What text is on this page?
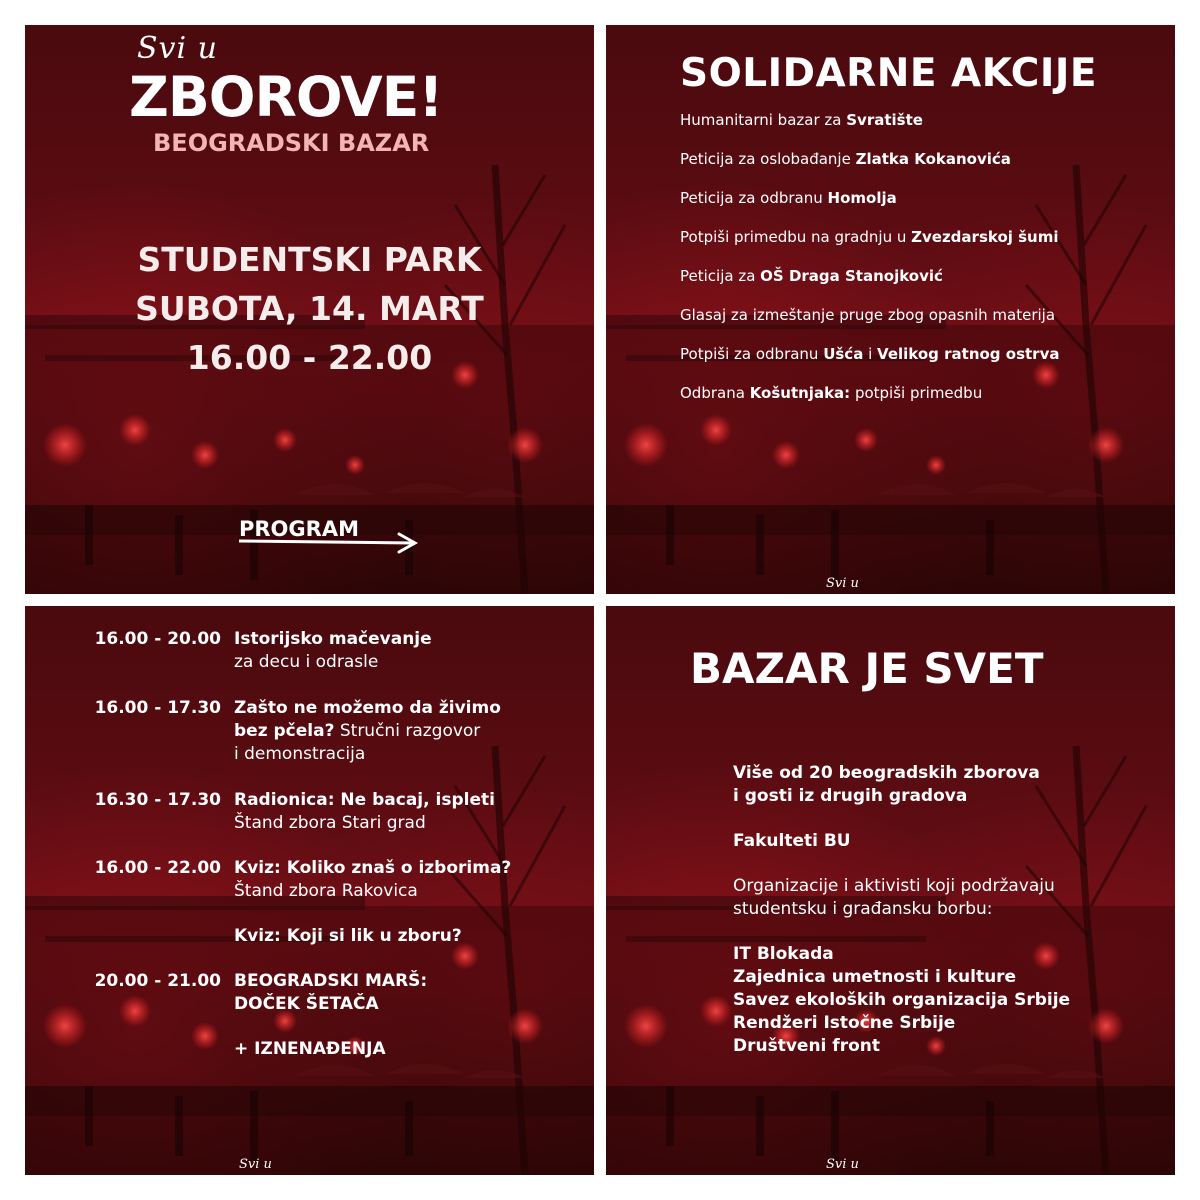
Svi u
ZBOROVE!
BEOGRADSKI BAZAR
STUDENTSKI PARK
SUBOTA, 14. MART
16.00 - 22.00
PROGRAM
SOLIDARNE AKCIJE
Humanitarni bazar za Svratište
Peticija za oslobađanje Zlatka Kokanovića
Peticija za odbranu Homolja
Potpiši primedbu na gradnju u Zvezdarskoj šumi
Peticija za OŠ Draga Stanojković
Glasaj za izmeštanje pruge zbog opasnih materija
Potpiši za odbranu Ušća i Velikog ratnog ostrva
Odbrana Košutnjaka: potpiši primedbu
Svi u
16.00 - 20.00 Istorijsko mačevanje
za decu i odrasle
16.00 - 17.30 Zašto ne možemo da živimo
bez pčela? Stručni razgovor
i demonstracija
16.30 - 17.30 Radionica: Ne bacaj, ispleti
Štand zbora Stari grad
16.00 - 22.00 Kviz: Koliko znaš o izborima?
Štand zbora Rakovica
Kviz: Koji si lik u zboru?
20.00 - 21.00 BEOGRADSKI MARŠ:
DOČEK ŠETAČA
+ IZNENAĐENJA
Svi u
BAZAR JE SVET
Više od 20 beogradskih zborova
i gosti iz drugih gradova
Fakulteti BU
Organizacije i aktivisti koji podržavaju
studentsku i građansku borbu:
IT Blokada
Zajednica umetnosti i kulture
Savez ekoloških organizacija Srbije
Rendžeri Istočne Srbije
Društveni front
Svi u
